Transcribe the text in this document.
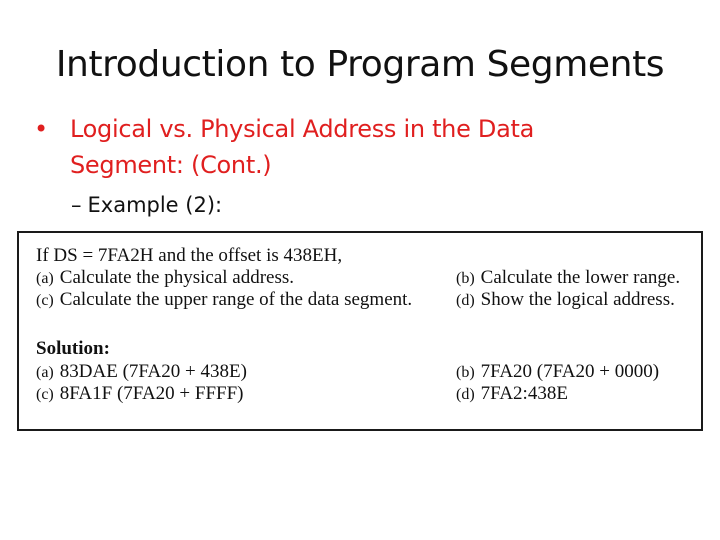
Introduction to Program Segments
• Logical vs. Physical Address in the Data
Segment: (Cont.)
– Example (2):
If DS = 7FA2H and the offset is 438EH,
(a) Calculate the physical address.	(b) Calculate the lower range.
(c) Calculate the upper range of the data segment.	(d) Show the logical address.
Solution:
(a) 83DAE (7FA20 + 438E)	(b) 7FA20 (7FA20 + 0000)
(c) 8FA1F (7FA20 + FFFF)	(d) 7FA2:438E
